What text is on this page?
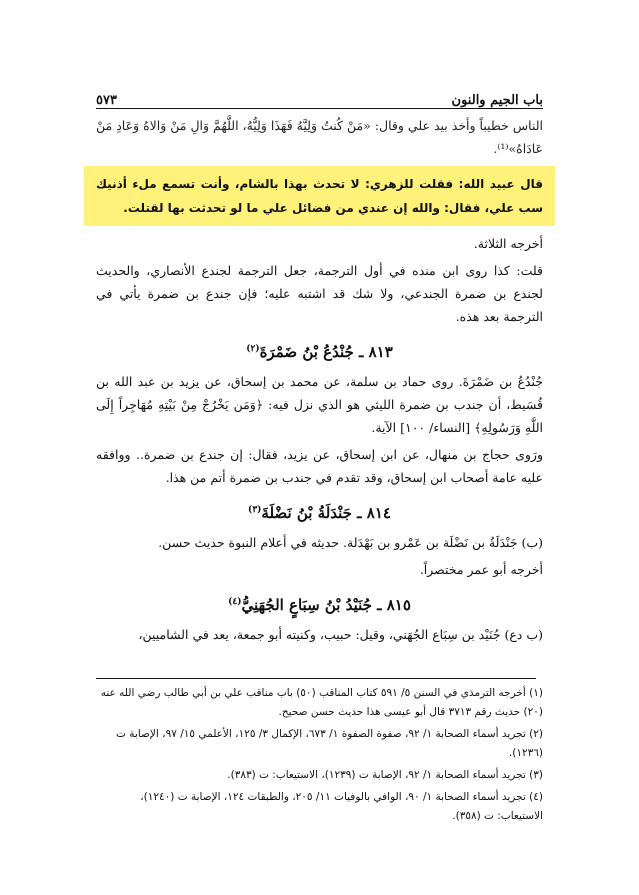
باب الجيم والنون
٥٧٣

الناس خطيباً وأخذ بيد علي وقال: «مَنْ كُنتُ وَلِيَّهُ فَهَذَا وَلِيُّهُ، اللَّهُمَّ وَالِ مَنْ وَالاهُ وَعَادِ مَنْ عَادَاهُ»⁽¹⁾.

قال عبيد الله: فقلت للزهري: لا تحدث بهذا بالشام، وأنت تسمع ملء أذنيك سب علي، فقال: والله إن عندي من فضائل علي ما لو تحدثت بها لقتلت.

أخرجه الثلاثة.

قلت: كذا روى ابن منده في أول الترجمة، جعل الترجمة لجندع الأنصاري، والحديث لجندع بن ضمرة الجندعي، ولا شك قد اشتبه عليه؛ فإن جندع بن ضمرة يأتي في الترجمة بعد هذه.

٨١٣ ـ جُنْدُعُ بْنُ ضَمْرَةَ$^{(٢)}$

جُنْدُعُ بن ضَمْرَةَ. روى حماد بن سلمة، عن محمد بن إسحاق، عن يزيد بن عبد الله بن قُسَيط، أن جندب بن ضمرة الليثي هو الذي نزل فيه: ﴿وَمَن يَخْرُجْ مِنْ بَيْتِهِ مُهَاجِراً إِلَى اللَّهِ وَرَسُولِهِ﴾ [النساء/ ١٠٠] الآية.

ورَوى حجاج بن منهال، عن ابن إسحاق، عن يزيد، فقال: إن جندع بن ضمرة.. ووافقه عليه عامة أصحاب ابن إسحاق، وقد تقدم في جندب بن ضمرة أتم من هذا.

٨١٤ ـ جَنْدَلَةُ بْنُ نَضْلَةَ$^{(٣)}$

(ب) جَنْدَلَةُ بن نَضْلَة بن عَمْرو بن بَهْدَلة. حديثه في أعلام النبوة حديث حسن.

أخرجه أبو عمر مختصراً.

٨١٥ ـ جُنَيْدُ بْنُ سِبَاعٍ الجُهَنِيُّ$^{(٤)}$

(ب دع) جُنَيْد بن سِبَاع الجُهَني، وقيل: حبيب، وكنيته أبو جمعة، يعد في الشاميين،

(١) أخرجه الترمذي في السنن ٥/ ٥٩١ كتاب المناقب (٥٠) باب مناقب علي بن أبي طالب رضي الله عنه (٢٠) حديث رقم ٣٧١٣ قال أبو عيسى هذا حديث حسن صحيح.

(٢) تجريد أسماء الصحابة ١/ ٩٢، صفوة الصفوة ١/ ٦٧٣، الإكمال ٣/ ١٢٥، الأعلمي ١٥/ ٩٧، الإصابة ت (١٢٣٦).

(٣) تجريد أسماء الصحابة ١/ ٩٢، الإصابة ت (١٢٣٩)، الاستيعاب: ت (٣٨٣).

(٤) تجريد أسماء الصحابة ١/ ٩٠، الوافي بالوفيات ١١/ ٢٠٥، والطبقات ١٢٤، الإصابة ت (١٢٤٠)، الاستيعاب: ت (٣٥٨).
